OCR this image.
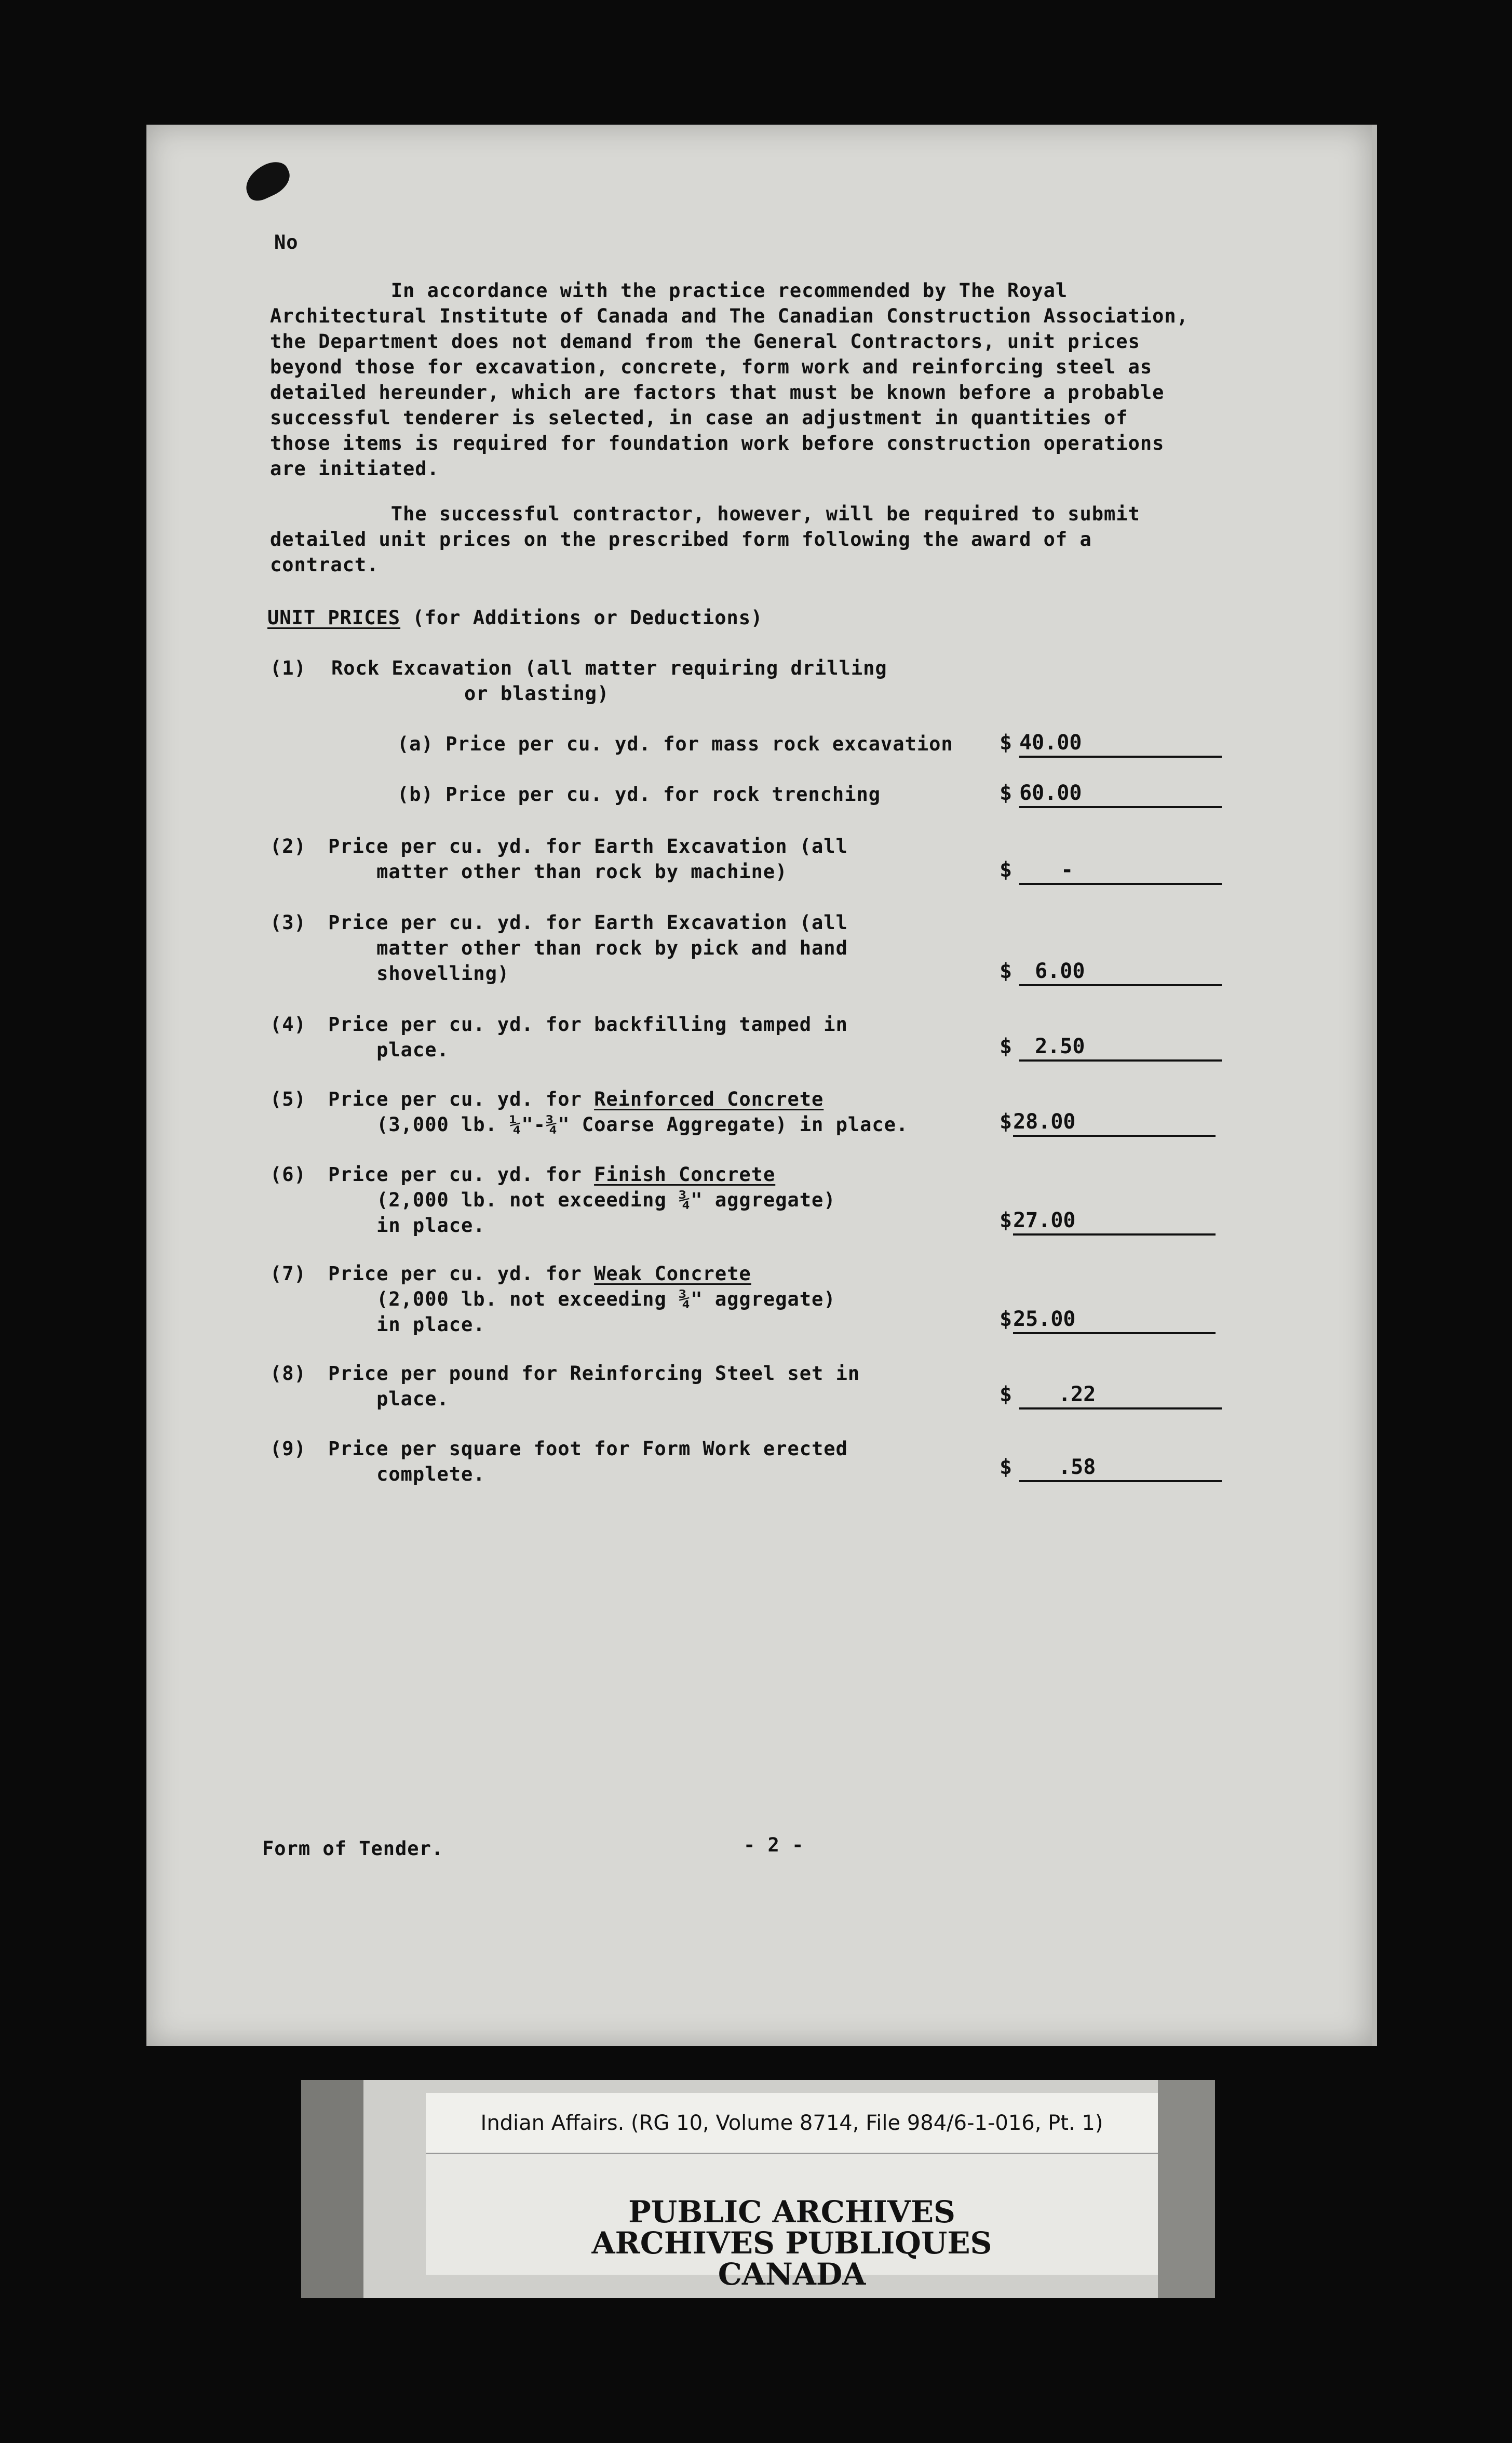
No

In accordance with the practice recommended by The Royal

Architectural Institute of Canada and The Canadian Construction Association,

the Department does not demand from the General Contractors, unit prices

beyond those for excavation, concrete, form work and reinforcing steel as

detailed hereunder, which are factors that must be known before a probable

successful tenderer is selected, in case an adjustment in quantities of

those items is required for foundation work before construction operations

are initiated.

The successful contractor, however, will be required to submit

detailed unit prices on the prescribed form following the award of a

contract.

UNIT PRICES (for Additions or Deductions)

(1) Rock Excavation (all matter requiring drilling

or blasting)

(a) Price per cu. yd. for mass rock excavation $ 40.00

(b) Price per cu. yd. for rock trenching	$ 60.00

(2) Price per cu. yd. for Earth Excavation (all

matter other than rock by machine)	$ -

(3) Price per cu. yd. for Earth Excavation (all

matter other than rock by pick and hand

shovelling)	$ 6.00

(4) Price per cu. yd. for backfilling tamped in

place.	$ 2.50

(5) Price per cu. yd. for Reinforced Concrete

(3,000 lb. ¼"-¾" Coarse Aggregate) in place.	$28.00

(6) Price per cu. yd. for Finish Concrete

(2,000 lb. not exceeding ¾" aggregate)

in place.	$27.00

(7) Price per cu. yd. for Weak Concrete

(2,000 lb. not exceeding ¾" aggregate)

in place.	$25.00

(8) Price per pound for Reinforcing Steel set in

place.	$ .22

(9) Price per square foot for Form Work erected

complete.	$ .58

Form of Tender.	- 2 -

Indian Affairs. (RG 10, Volume 8714, File 984/6-1-016, Pt. 1)
PUBLIC ARCHIVES
ARCHIVES PUBLIQUES
CANADA
